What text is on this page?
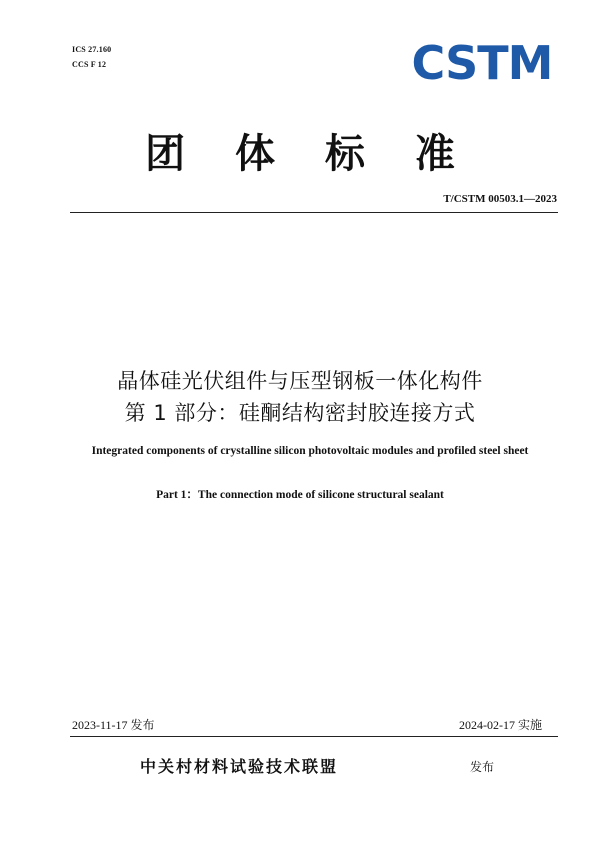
ICS 27.160
CCS F 12	CSTM
团 体 标 准
T/CSTM 00503.1—2023
晶体硅光伏组件与压型钢板一体化构件
第 1 部分：硅酮结构密封胶连接方式
Integrated components of crystalline silicon photovoltaic modules and profiled steel sheet
Part 1：The connection mode of silicone structural sealant
2023-11-17 发布	2024-02-17 实施
中关村材料试验技术联盟	发布
